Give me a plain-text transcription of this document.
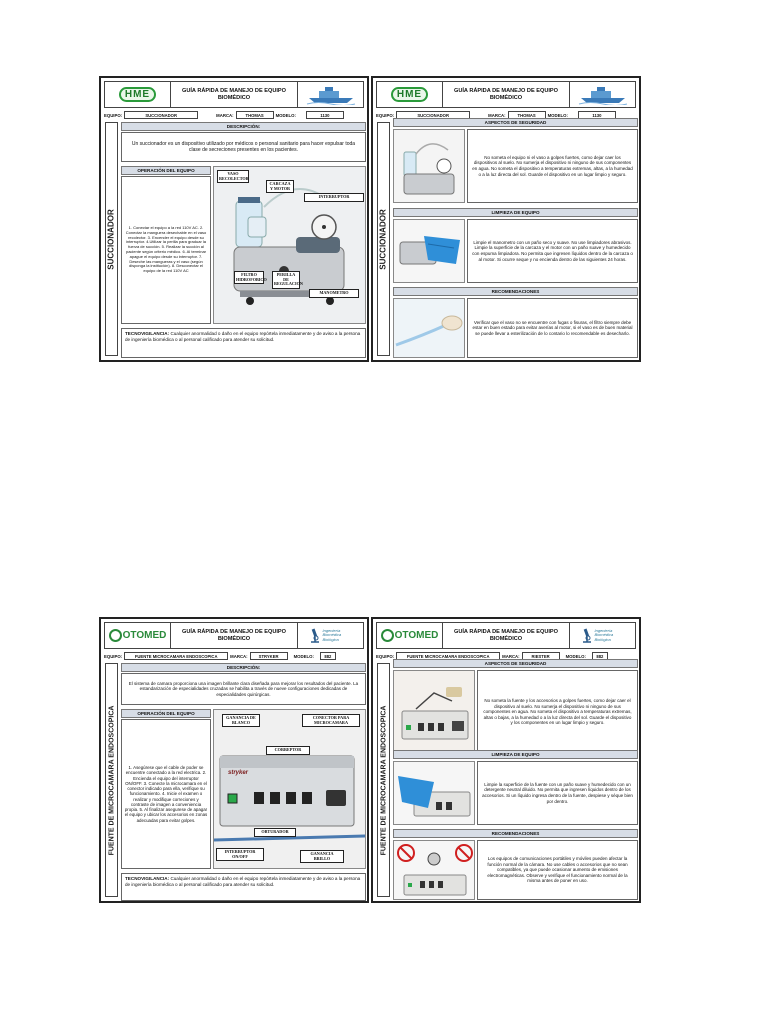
HME	GUÍA RÁPIDA DE MANEJO DE EQUIPO BIOMÉDICO
EQUIPO:	SUCCIONADOR	MARCA:	THOMAS	MODELO:	1130
SUCCIONADOR
DESCRIPCIÓN:
Un succionador es un dispositivo utilizado por médicos o personal sanitario para hacer expulsar toda clase de secreciones presentes en los pacientes.
OPERACIÓN DEL EQUIPO
1. Conectar el equipo a la red 110V AC. 2. Conectar la manguera desechable en el vaso recolector. 3. Encender el equipo desde su interruptor. 4.Utilizar la perilla para graduar la fuerza de succión. 5. Realizar la succión al paciente según criterio médico. 6. Al terminar apague el equipo desde su interruptor. 7. Deseche las mangueras y el vaso (según disponga la institución). 8. Desconectar el equipo de la red 110V AC
VASO RECOLECTOR
CARCAZA Y MOTOR
INTERRUPTOR
FILTRO HIDROFOBICO
PERILLA DE REGULACION
MANOMETRO
TECNOVIGILANCIA: Cualquier anormalidad o daño en el equipo repórtela inmediatamente y de aviso a la persona de ingeniería biomédica o al personal calificado para atender su solicitud.
HME	GUÍA RÁPIDA DE MANEJO DE EQUIPO BIOMÉDICO
EQUIPO:	SUCCIONADOR	MARCA:	THOMAS	MODELO:	1130
SUCCIONADOR
ASPECTOS DE SEGURIDAD
No someta el equipo ni el vaso a golpes fuertes, como dejar caer los dispositivos al suelo. No sumerja el dispositivo ni ninguno de sus componentes en agua. No someta el dispositivo a temperaturas extremas, altas, a la humedad o a la luz directa del sol. Guarde el dispositivo en un lugar limpio y seguro.
LIMPIEZA DE EQUIPO
Limpie el manometro con un paño seco y suave. No use limpiadores abrasivos. Limpie la superficie de la carcaza y el motor con un paño suave y humedecido con espuma limpiadora. No permita que ingresen líquidos dentro de la carcaza o al motor. Si ocurre seque y no encienda dentro de las siguientes 24 horas.
RECOMENDACIONES
Verificar que el vaso no se encuentre con fugas o fisuras, el filtro siempre debe estar en buen estado para evitar averías al motor, si el vaso es de buen material se puede llevar a esterilización de lo contario lo recomendable es desecharlo.
OTOMED	GUÍA RÁPIDA DE MANEJO DE EQUIPO BIOMÉDICO
Ingeniería Biomédica Biológica
EQUIPO:	FUENTE MICROCAMARA ENDOSCOPICA	MARCA:	STRYKER	MODELO:	882
FUENTE DE MICROCAMARA ENDOSCOPICA
DESCRIPCIÓN:
El sistema de camara proporciona una imagen brillante clara diseñada para mejorar los resultados del paciente. La estandarización de especialidades cruzadas se habilita a través de nueve configuraciones dedicadas de especialidades quirúrgicas.
OPERACIÓN DEL EQUIPO
1. Asegúrese que el cable de poder se encuentre conectado a la red electrica. 2. Encienda el equipo del interruptor ON/OFF. 3. Conecte la microcamara en el conector indicado para ella, verifique su funcionamiento. 4. Inicie el examen o realizar y modifique correciones y contraste de imagen a conveniencia propia. 5. Al finalizar asegurese de apagar el equipo y ubicar los accesorios en zonas adecuadas para evitar golpes.
stryker
GANANCIA DE BLANCO
CONECTOR PARA MICROCAMARA
CORREPTOR
OBTURADOR
INTERRUPTOR ON/OFF
GANANCIA BRILLO
TECNOVIGILANCIA: Cualquier anormalidad o daño en el equipo repórtela inmediatamente y de aviso a la persona de ingeniería biomédica o al personal calificado para atender su solicitud.
OTOMED	GUÍA RÁPIDA DE MANEJO DE EQUIPO BIOMÉDICO
Ingeniería Biomédica Biológica
EQUIPO:	FUENTE MICROCAMARA ENDOSCOPICA	MARCA:	RIESTER	MODELO:	882
FUENTE DE MICROCAMARA ENDOSCOPICA
ASPECTOS DE SEGURIDAD
No someta la fuente y los accesorios a golpes fuertes, como dejar caer el dispositivo al suelo. No sumerja el dispositivo ni ninguno de sus componentes en agua. No someta el dispositivo a temperaturas extremas, altas o bajas, a la humedad o a la luz directa del sol. Guarde el dispositivo y los componentes en un lugar limpio y seguro.
LIMPIEZA DE EQUIPO
Limpie la superficie de la fuente con un paño suave y humedecido con un detergente neutral diluido. No permita que ingresen líquidos dentro de los accesorios. Si un líquido ingresa dentro de la fuente, despiese y séque bien por dentro.
RECOMENDACIONES
Los equipos de comunicaciones portátiles y móviles pueden afectar la función normal de la cámara. No use cables o accesorios que no sean compatibles, ya que puede ocasionar aumento de emisiones electromagnéticas. Observe y verifique el funcionamiento normal de la misma antes de poner en uso.
